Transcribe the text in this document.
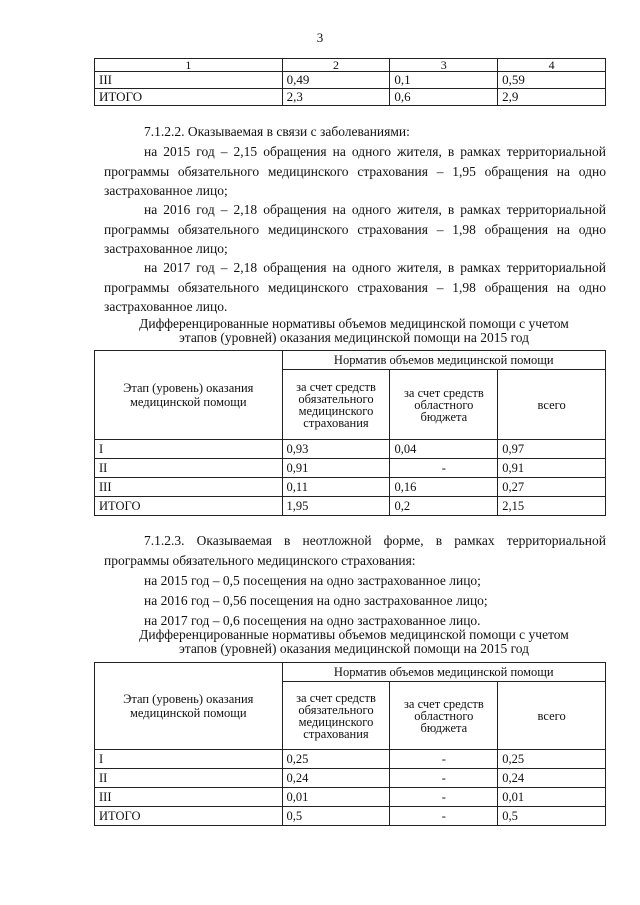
3
1	2	3	4
III	0,49	0,1	0,59
ИТОГО	2,3	0,6	2,9
7.1.2.2. Оказываемая в связи с заболеваниями:
на 2015 год – 2,15 обращения на одного жителя, в рамках территориальной программы обязательного медицинского страхования – 1,95 обращения на одно застрахованное лицо;
на 2016 год – 2,18 обращения на одного жителя, в рамках территориальной программы обязательного медицинского страхования – 1,98 обращения на одно застрахованное лицо;
на 2017 год – 2,18 обращения на одного жителя, в рамках территориальной программы обязательного медицинского страхования – 1,98 обращения на одно застрахованное лицо.
Дифференцированные нормативы объемов медицинской помощи с учетом
этапов (уровней) оказания медицинской помощи на 2015 год
Этап (уровень) оказания медицинской помощи	Норматив объемов медицинской помощи		
	за счет средств обязательного медицинского страхования	за счет средств областного бюджета	всего
I	0,93	0,04	0,97
II	0,91	-	0,91
III	0,11	0,16	0,27
ИТОГО	1,95	0,2	2,15
7.1.2.3. Оказываемая в неотложной форме, в рамках территориальной программы обязательного медицинского страхования:
на 2015 год – 0,5 посещения на одно застрахованное лицо;
на 2016 год – 0,56 посещения на одно застрахованное лицо;
на 2017 год – 0,6 посещения на одно застрахованное лицо.
Дифференцированные нормативы объемов медицинской помощи с учетом
этапов (уровней) оказания медицинской помощи на 2015 год
Этап (уровень) оказания медицинской помощи	Норматив объемов медицинской помощи		
	за счет средств обязательного медицинского страхования	за счет средств областного бюджета	всего
I	0,25	-	0,25
II	0,24	-	0,24
III	0,01	-	0,01
ИТОГО	0,5	-	0,5
